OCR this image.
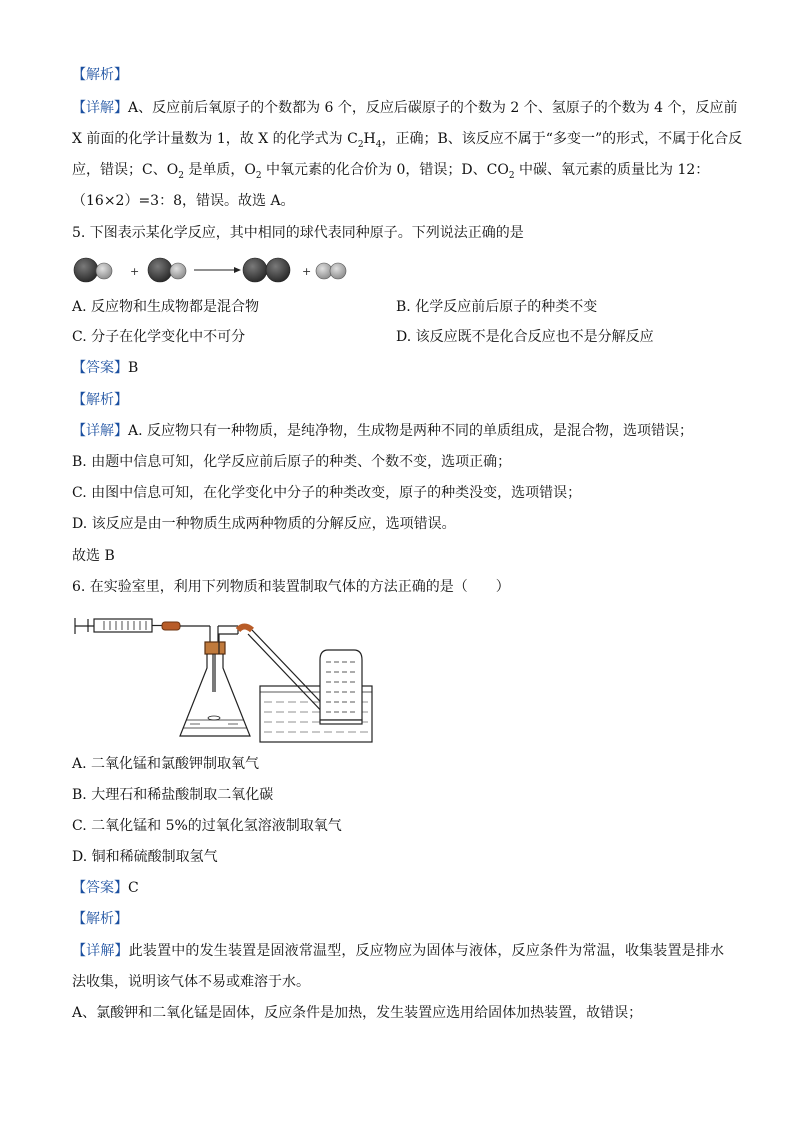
【解析】
【详解】A、反应前后氧原子的个数都为 6 个，反应后碳原子的个数为 2 个、氢原子的个数为 4 个，反应前
X 前面的化学计量数为 1，故 X 的化学式为 $C_2H_4$，正确；B、该反应不属于“多变一”的形式，不属于化合反
应，错误；C、$O_2$ 是单质，$O_2$ 中氧元素的化合价为 0，错误；D、$CO_2$ 中碳、氧元素的质量比为 12：
（16×2）=3：8，错误。故选 A。
5. 下图表示某化学反应，其中相同的球代表同种原子。下列说法正确的是
+	+
A. 反应物和生成物都是混合物	B. 化学反应前后原子的种类不变
C. 分子在化学变化中不可分	D. 该反应既不是化合反应也不是分解反应
【答案】B
【解析】
【详解】A. 反应物只有一种物质，是纯净物，生成物是两种不同的单质组成，是混合物，选项错误；
B. 由题中信息可知，化学反应前后原子的种类、个数不变，选项正确；
C. 由图中信息可知，在化学变化中分子的种类改变，原子的种类没变，选项错误；
D. 该反应是由一种物质生成两种物质的分解反应，选项错误。
故选 B
6. 在实验室里，利用下列物质和装置制取气体的方法正确的是（　　）
A. 二氧化锰和氯酸钾制取氧气
B. 大理石和稀盐酸制取二氧化碳
C. 二氧化锰和 5%的过氧化氢溶液制取氧气
D. 铜和稀硫酸制取氢气
【答案】C
【解析】
【详解】此装置中的发生装置是固液常温型，反应物应为固体与液体，反应条件为常温，收集装置是排水法收集，说明该气体不易或难溶于水。
A、氯酸钾和二氧化锰是固体，反应条件是加热，发生装置应选用给固体加热装置，故错误；
